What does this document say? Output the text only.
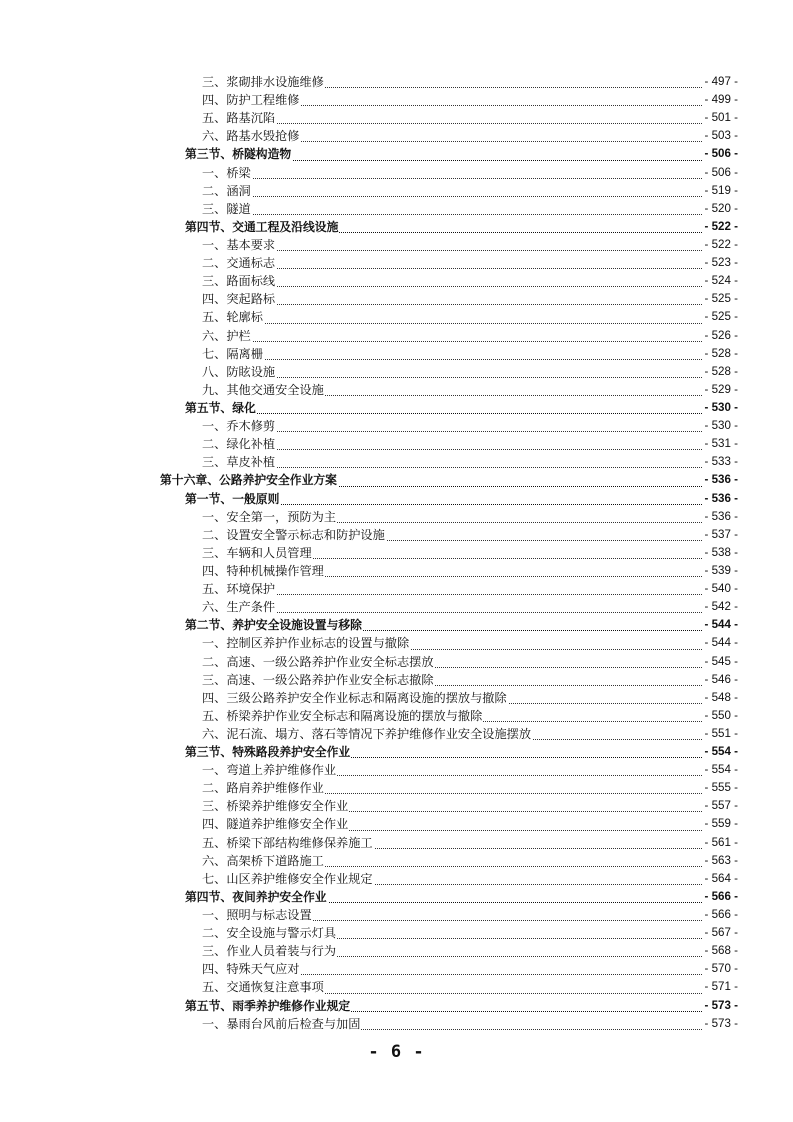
三、浆砌排水设施维修	- 497 -
四、防护工程维修	- 499 -
五、路基沉陷	- 501 -
六、路基水毁抢修	- 503 -
第三节、桥隧构造物	- 506 -
一、桥梁	- 506 -
二、涵洞	- 519 -
三、隧道	- 520 -
第四节、交通工程及沿线设施	- 522 -
一、基本要求	- 522 -
二、交通标志	- 523 -
三、路面标线	- 524 -
四、突起路标	- 525 -
五、轮廓标	- 525 -
六、护栏	- 526 -
七、隔离栅	- 528 -
八、防眩设施	- 528 -
九、其他交通安全设施	- 529 -
第五节、绿化	- 530 -
一、乔木修剪	- 530 -
二、绿化补植	- 531 -
三、草皮补植	- 533 -
第十六章、公路养护安全作业方案	- 536 -
第一节、一般原则	- 536 -
一、安全第一，预防为主	- 536 -
二、设置安全警示标志和防护设施	- 537 -
三、车辆和人员管理	- 538 -
四、特种机械操作管理	- 539 -
五、环境保护	- 540 -
六、生产条件	- 542 -
第二节、养护安全设施设置与移除	- 544 -
一、控制区养护作业标志的设置与撤除	- 544 -
二、高速、一级公路养护作业安全标志摆放	- 545 -
三、高速、一级公路养护作业安全标志撤除	- 546 -
四、三级公路养护安全作业标志和隔离设施的摆放与撤除	- 548 -
五、桥梁养护作业安全标志和隔离设施的摆放与撤除	- 550 -
六、泥石流、塌方、落石等情况下养护维修作业安全设施摆放	- 551 -
第三节、特殊路段养护安全作业	- 554 -
一、弯道上养护维修作业	- 554 -
二、路肩养护维修作业	- 555 -
三、桥梁养护维修安全作业	- 557 -
四、隧道养护维修安全作业	- 559 -
五、桥梁下部结构维修保养施工	- 561 -
六、高架桥下道路施工	- 563 -
七、山区养护维修安全作业规定	- 564 -
第四节、夜间养护安全作业	- 566 -
一、照明与标志设置	- 566 -
二、安全设施与警示灯具	- 567 -
三、作业人员着装与行为	- 568 -
四、特殊天气应对	- 570 -
五、交通恢复注意事项	- 571 -
第五节、雨季养护维修作业规定	- 573 -
一、暴雨台风前后检查与加固	- 573 -
- 6 -
